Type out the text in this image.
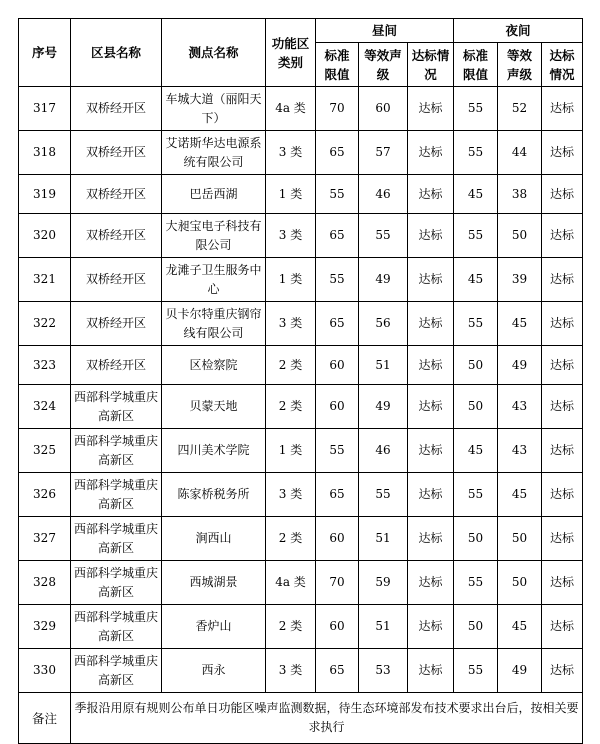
序号	区县名称	测点名称	功能区类别	昼间			夜间		
				标准限值	等效声级	达标情况	标准限值	等效声级	达标情况
317	双桥经开区	车城大道（丽阳天下）	4a 类	70	60	达标	55	52	达标
318	双桥经开区	艾诺斯华达电源系统有限公司	3 类	65	57	达标	55	44	达标
319	双桥经开区	巴岳西湖	1 类	55	46	达标	45	38	达标
320	双桥经开区	大昶宝电子科技有限公司	3 类	65	55	达标	55	50	达标
321	双桥经开区	龙滩子卫生服务中心	1 类	55	49	达标	45	39	达标
322	双桥经开区	贝卡尔特重庆钢帘线有限公司	3 类	65	56	达标	55	45	达标
323	双桥经开区	区检察院	2 类	60	51	达标	50	49	达标
324	西部科学城重庆高新区	贝蒙天地	2 类	60	49	达标	50	43	达标
325	西部科学城重庆高新区	四川美术学院	1 类	55	46	达标	45	43	达标
326	西部科学城重庆高新区	陈家桥税务所	3 类	65	55	达标	55	45	达标
327	西部科学城重庆高新区	涧西山	2 类	60	51	达标	50	50	达标
328	西部科学城重庆高新区	西城湖景	4a 类	70	59	达标	55	50	达标
329	西部科学城重庆高新区	香炉山	2 类	60	51	达标	50	45	达标
330	西部科学城重庆高新区	西永	3 类	65	53	达标	55	49	达标
备注	季报沿用原有规则公布单日功能区噪声监测数据，待生态环境部发布技术要求出台后，按相关要求执行								
